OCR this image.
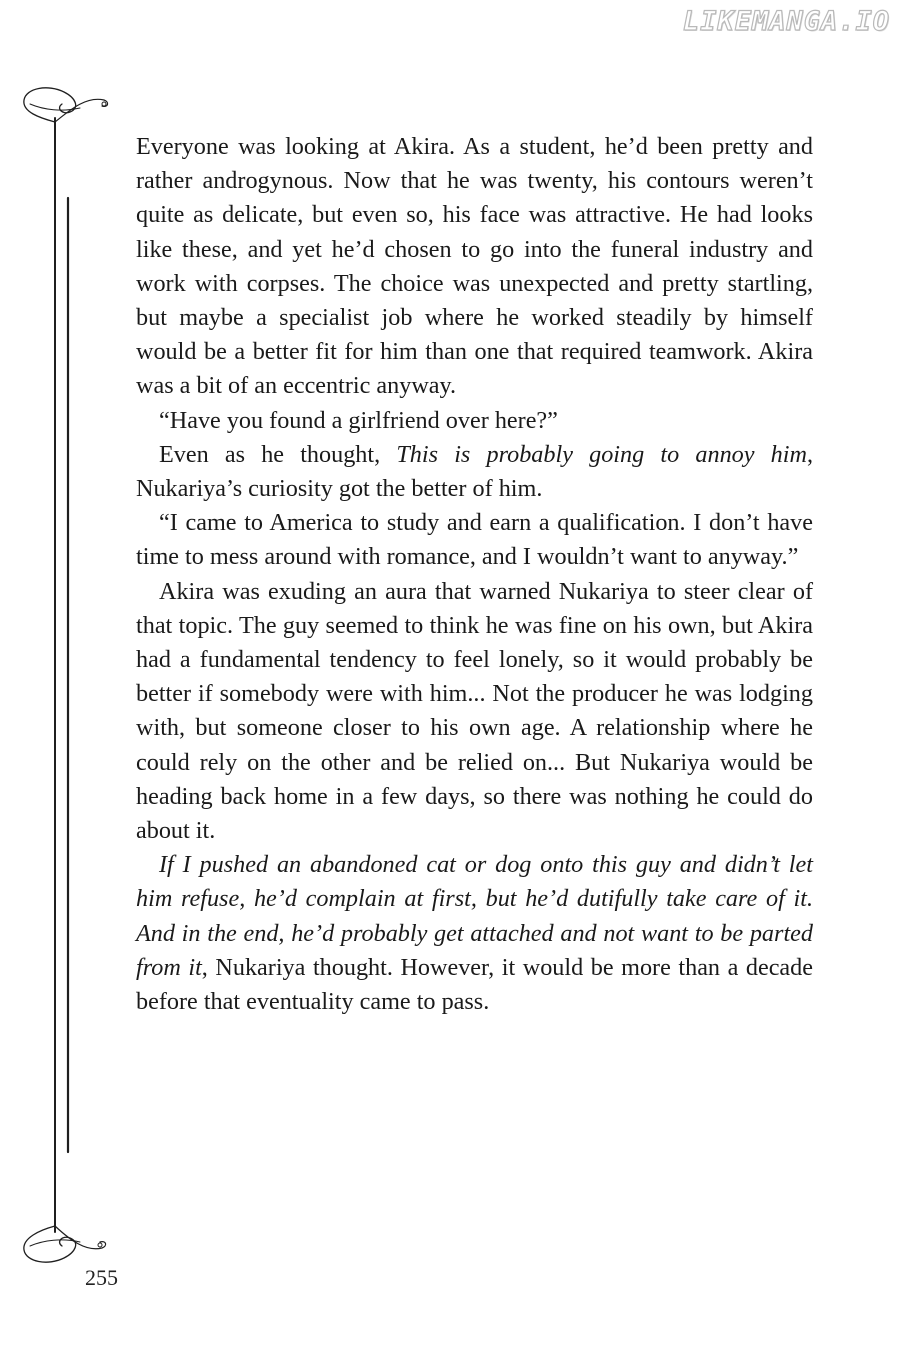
LIKEMANGA.IO

Everyone was looking at Akira. As a student, he’d been pretty and rather androgynous. Now that he was twenty, his contours weren’t quite as delicate, but even so, his face was attractive. He had looks like these, and yet he’d chosen to go into the funeral industry and work with corpses. The choice was unexpected and pretty startling, but maybe a specialist job where he worked steadily by himself would be a better fit for him than one that required teamwork. Akira was a bit of an eccentric anyway.

“Have you found a girlfriend over here?”

Even as he thought, This is probably going to annoy him, Nukariya’s curiosity got the better of him.

“I came to America to study and earn a qualification. I don’t have time to mess around with romance, and I wouldn’t want to anyway.”

Akira was exuding an aura that warned Nukariya to steer clear of that topic. The guy seemed to think he was fine on his own, but Akira had a fundamental tendency to feel lonely, so it would probably be better if somebody were with him... Not the producer he was lodging with, but someone closer to his own age. A relationship where he could rely on the other and be relied on... But Nukariya would be heading back home in a few days, so there was nothing he could do about it.

If I pushed an abandoned cat or dog onto this guy and didn’t let him refuse, he’d complain at first, but he’d dutifully take care of it. And in the end, he’d probably get attached and not want to be parted from it, Nukariya thought. However, it would be more than a decade before that eventuality came to pass.

255
